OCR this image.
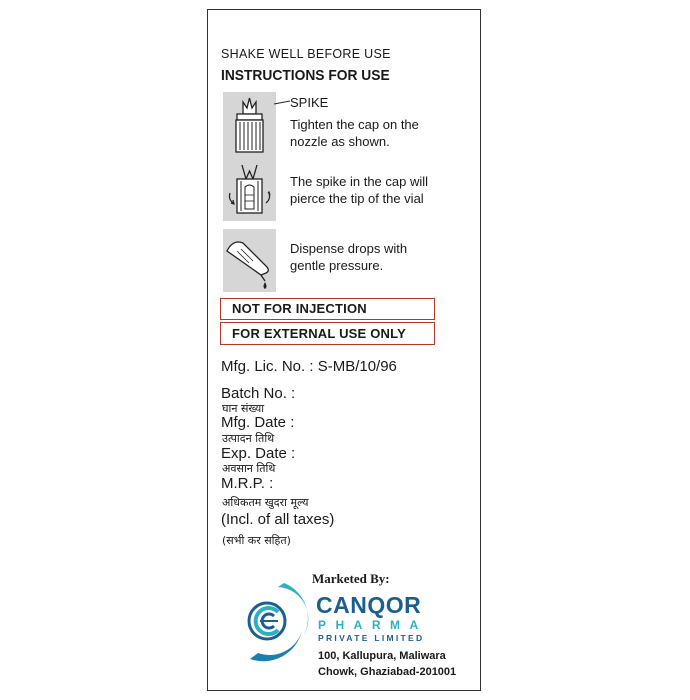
SHAKE WELL BEFORE USE
INSTRUCTIONS FOR USE
SPIKE
Tighten the cap on the
nozzle as shown.
The spike in the cap will
pierce the tip of the vial
Dispense drops with
gentle pressure.
NOT FOR INJECTION
FOR EXTERNAL USE ONLY
Mfg. Lic. No. : S-MB/10/96
Batch No. :
घान संख्या
Mfg. Date :
उत्पादन तिथि
Exp. Date :
अवसान तिथि
M.R.P. :
अधिकतम खुदरा मूल्य
(Incl. of all taxes)
(सभी कर सहित)
Marketed By:
CANQOR
PHARMA
PRIVATE LIMITED
100, Kallupura, Maliwara
Chowk, Ghaziabad-201001
